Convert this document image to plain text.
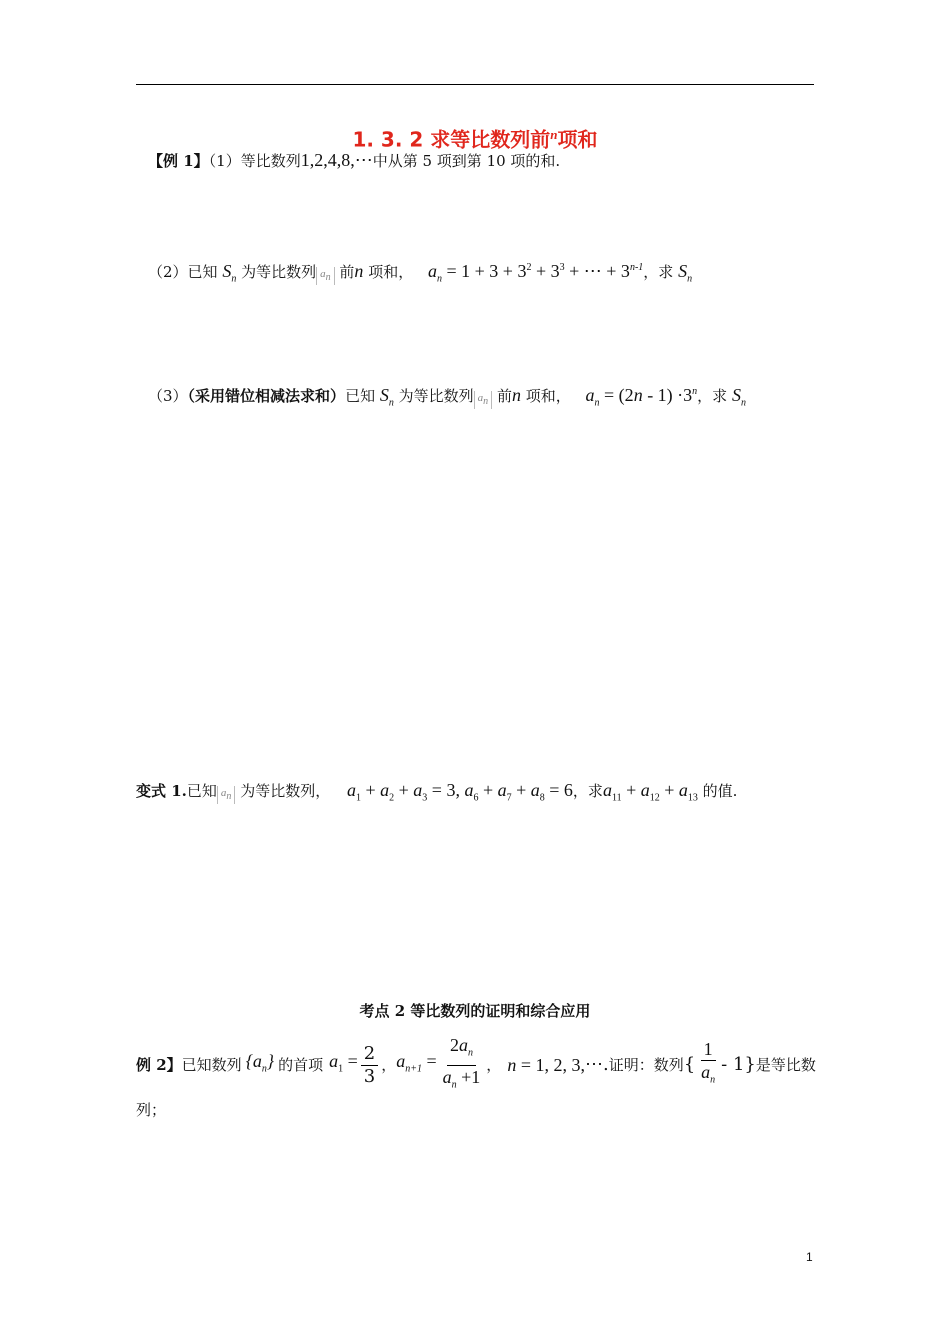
1. 3. 2 求等比数列前$^n$项和
【例 1】（1）等比数列1,2,4,8,⋯中从第 5 项到第 10 项的和.
（2）已知 $S_n$ 为等比数列 $a_n$ 前n 项和， $a_n = 1 + 3 + 3^2 + 3^3$ + ⋯ + $3^{n-1}$，求 $S_n$
（3）（采用错位相减法求和）已知 $S_n$ 为等比数列 $a_n$ 前n 项和， $a_n = (2n - 1) \cdot 3^n$，求 $S_n$
变式 1.已知 $a_n$ 为等比数列， $a_1 + a_2 + a_3 = 3$, $a_6 + a_7 + a_8 = 6$，求$a_{11} + a_{12} + a_{13}$ 的值.
考点 2 等比数列的证明和综合应用
例 2】 已知数列 $\{a_n\}$ 的首项 $a_1 = \frac{2}{3}$ ， $a_{n+1} = \frac{2a_n}{a_n +1}$ ， n = 1, 2, 3, ⋯. 证明：数列 { $\frac{1}{a_n} - 1$} 是等比数
列；
1
